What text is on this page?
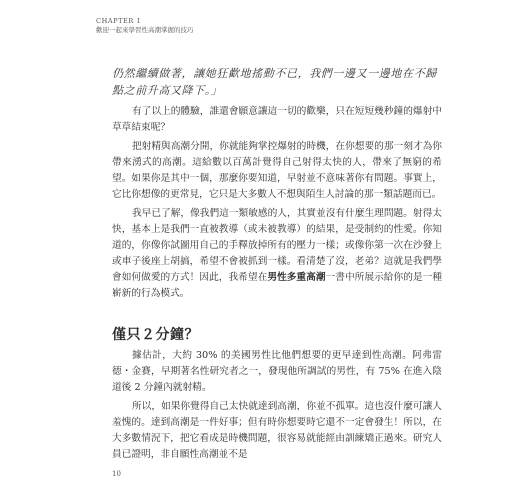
CHAPTER 1
歡迎一起來學習性高潮掌握的技巧
仍然繼續做著，讓她狂歡地搖動不已，我們一邊又一邊地在不歸點之前升高又降下。」

有了以上的體驗，誰還會願意讓這一切的歡樂，只在短短幾秒鐘的爆射中草草結束呢？

把射精與高潮分開，你就能夠掌控爆射的時機，在你想要的那一刻才為你帶來湧式的高潮。這給數以百萬計覺得自己射得太快的人，帶來了無窮的希望。如果你是其中一個，那麼你要知道，早射並不意味著你有問題。事實上，它比你想像的更常見，它只是大多數人不想與陌生人討論的那一類話題而已。

我早已了解，像我們這一類敏感的人，其實並沒有什麼生理問題。射得太快，基本上是我們一直被教導（或未被教導）的結果，是受制約的性愛。你知道的，你像你試圖用自己的手釋放掉所有的壓力一樣；或像你第一次在沙發上或車子後座上胡搞，希望不會被抓到一樣。看清楚了沒，老弟？這就是我們學會如何做愛的方式！因此，我希望在男性多重高潮一書中所展示給你的是一種嶄新的行為模式。

僅只２分鐘？

據估計，大約 30% 的美國男性比他們想要的更早達到性高潮。阿弗雷德・金賽，早期著名性研究者之一，發現他所調試的男性，有 75% 在進入陰道後 2 分鐘內就射精。

所以，如果你覺得自己太快就達到高潮，你並不孤單。這也沒什麼可讓人羞愧的。達到高潮是一件好事；但有時你想要時它還不一定會發生！所以，在大多數情況下，把它看成是時機問題，很容易就能經由訓練矯正過來。研究人員已證明，非自願性高潮並不是

10
